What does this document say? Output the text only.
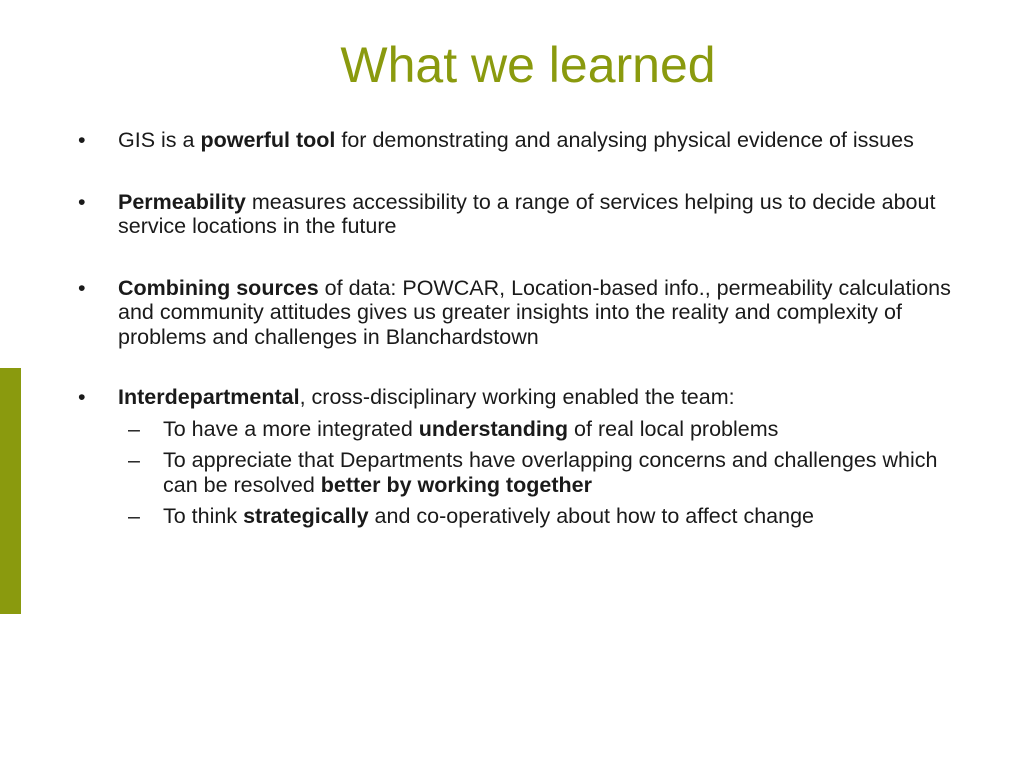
What we learned
•	GIS is a powerful tool for demonstrating and analysing physical evidence of issues
•	Permeability measures accessibility to a range of services helping us to decide about service locations in the future
•	Combining sources of data: POWCAR, Location-based info., permeability calculations and community attitudes gives us greater insights into the reality and complexity of problems and challenges in Blanchardstown
•	Interdepartmental, cross-disciplinary working enabled the team:
– To have a more integrated understanding of real local problems
– To appreciate that Departments have overlapping concerns and challenges which can be resolved better by working together
– To think strategically and co-operatively about how to affect change
